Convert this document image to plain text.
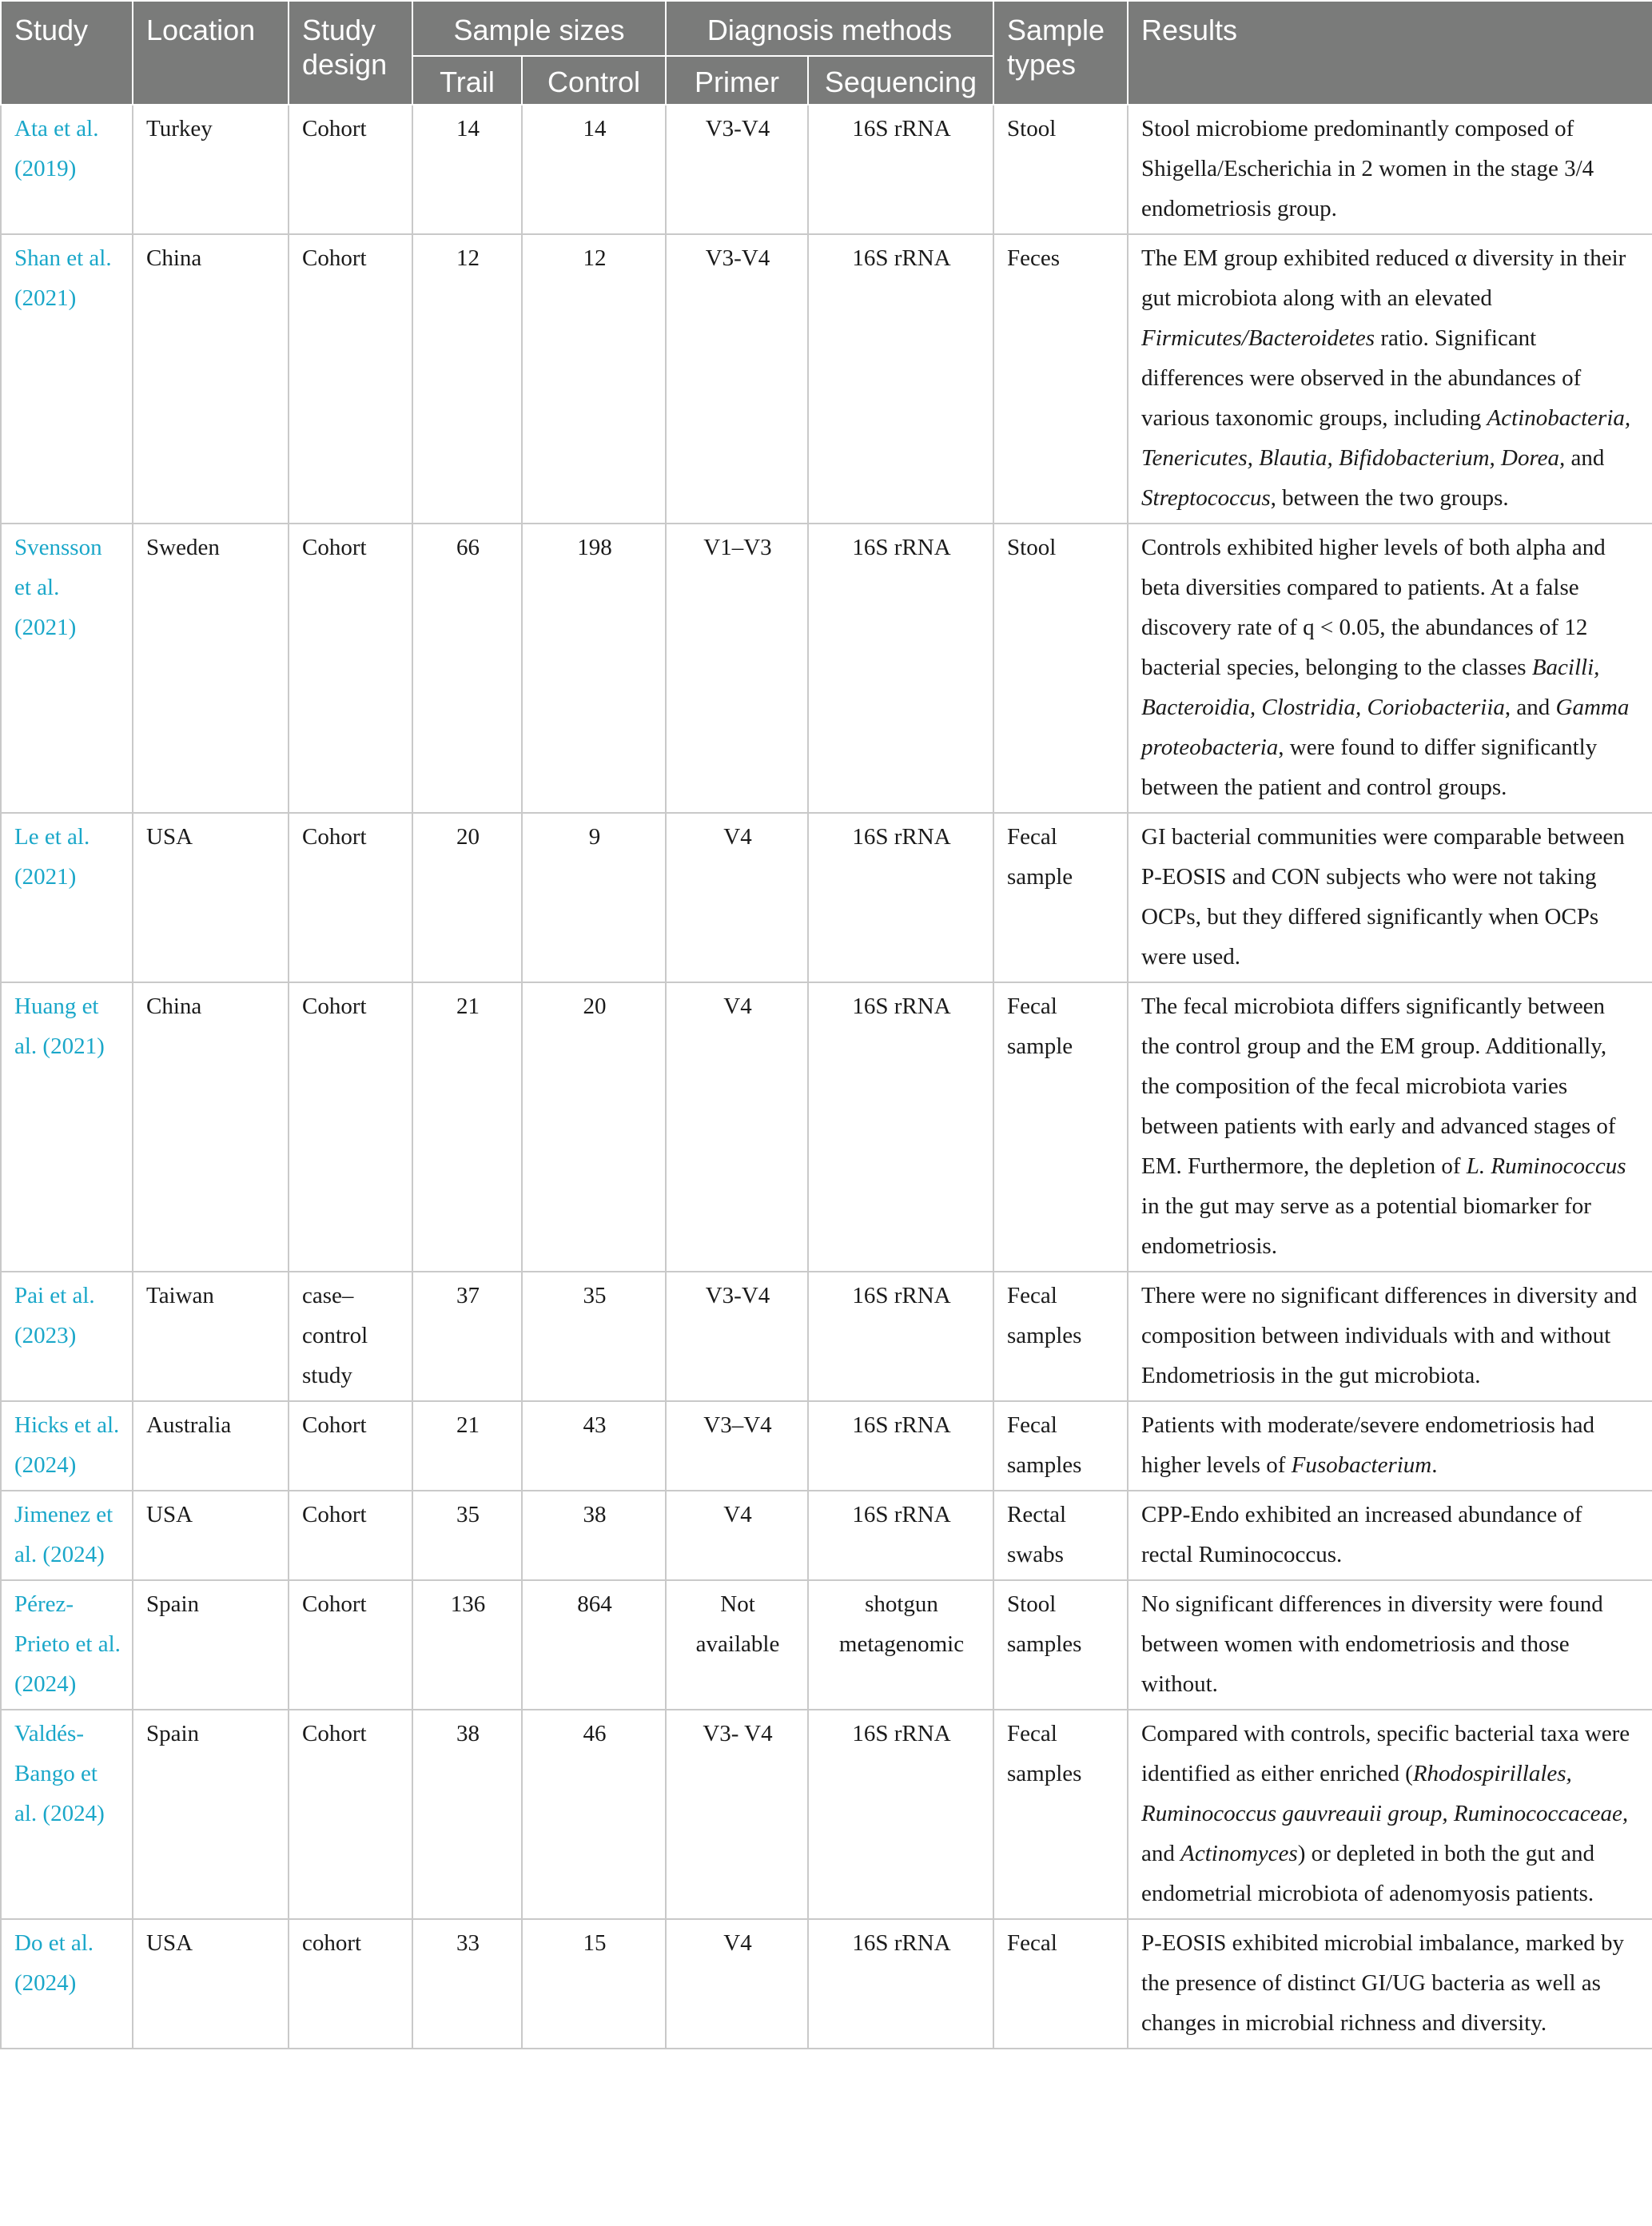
Study	Location	Study design	Sample sizes		Diagnosis methods		Sample types	Results
			Trail	Control	Primer	Sequencing		
Ata et al. (2019)	Turkey	Cohort	14	14	V3-V4	16S rRNA	Stool	Stool microbiome predominantly composed of Shigella/Escherichia in 2 women in the stage 3/4 endometriosis group.
Shan et al. (2021)	China	Cohort	12	12	V3-V4	16S rRNA	Feces	The EM group exhibited reduced α diversity in their gut microbiota along with an elevated Firmicutes/Bacteroidetes ratio. Significant differences were observed in the abundances of various taxonomic groups, including Actinobacteria, Tenericutes, Blautia, Bifidobacterium, Dorea, and Streptococcus, between the two groups.
Svensson et al. (2021)	Sweden	Cohort	66	198	V1–V3	16S rRNA	Stool	Controls exhibited higher levels of both alpha and beta diversities compared to patients. At a false discovery rate of q < 0.05, the abundances of 12 bacterial species, belonging to the classes Bacilli, Bacteroidia, Clostridia, Coriobacteriia, and Gamma proteobacteria, were found to differ significantly between the patient and control groups.
Le et al. (2021)	USA	Cohort	20	9	V4	16S rRNA	Fecal sample	GI bacterial communities were comparable between P-EOSIS and CON subjects who were not taking OCPs, but they differed significantly when OCPs were used.
Huang et al. (2021)	China	Cohort	21	20	V4	16S rRNA	Fecal sample	The fecal microbiota differs significantly between the control group and the EM group. Additionally, the composition of the fecal microbiota varies between patients with early and advanced stages of EM. Furthermore, the depletion of L. Ruminococcus in the gut may serve as a potential biomarker for endometriosis.
Pai et al. (2023)	Taiwan	case–control study	37	35	V3-V4	16S rRNA	Fecal samples	There were no significant differences in diversity and composition between individuals with and without Endometriosis in the gut microbiota.
Hicks et al. (2024)	Australia	Cohort	21	43	V3–V4	16S rRNA	Fecal samples	Patients with moderate/severe endometriosis had higher levels of Fusobacterium.
Jimenez et al. (2024)	USA	Cohort	35	38	V4	16S rRNA	Rectal swabs	CPP-Endo exhibited an increased abundance of rectal Ruminococcus.
Pérez-Prieto et al. (2024)	Spain	Cohort	136	864	Not available	shotgun metagenomic	Stool samples	No significant differences in diversity were found between women with endometriosis and those without.
Valdés-Bango et al. (2024)	Spain	Cohort	38	46	V3- V4	16S rRNA	Fecal samples	Compared with controls, specific bacterial taxa were identified as either enriched (Rhodospirillales, Ruminococcus gauvreauii group, Ruminococcaceae, and Actinomyces) or depleted in both the gut and endometrial microbiota of adenomyosis patients.
Do et al. (2024)	USA	cohort	33	15	V4	16S rRNA	Fecal	P-EOSIS exhibited microbial imbalance, marked by the presence of distinct GI/UG bacteria as well as changes in microbial richness and diversity.
